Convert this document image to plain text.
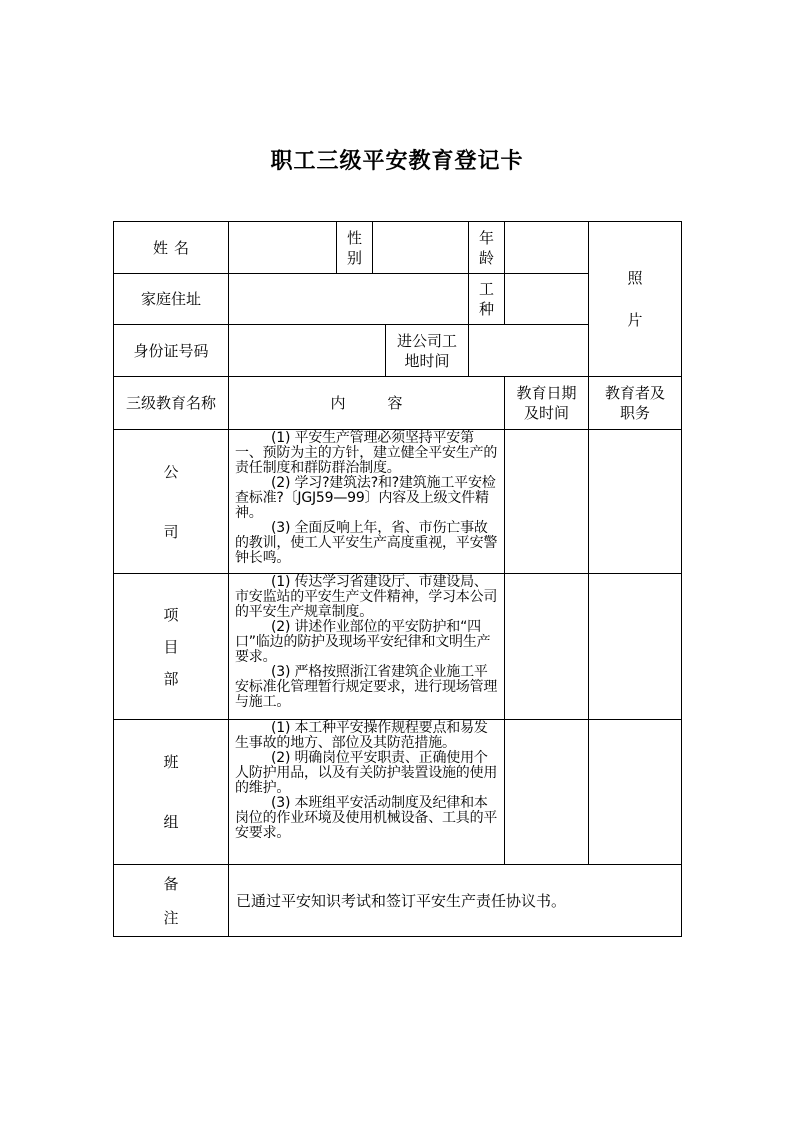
职工三级平安教育登记卡
姓 名
性
别
年
龄
照
片
家庭住址
工
种
身份证号码
进公司工
地时间
三级教育名称	内	容
教育日期
及时间
教育者及
职务
公
司

(1) 平安生产管理必须坚持平安第一、预防为主的方针，建立健全平安生产的责任制度和群防群治制度。

(2) 学习?建筑法?和?建筑施工平安检查标准?〔JGJ59—99〕内容及上级文件精神。

(3) 全面反响上年，省、市伤亡事故的教训，使工人平安生产高度重视，平安警钟长鸣。

项
目
部

(1) 传达学习省建设厅、市建设局、市安监站的平安生产文件精神，学习本公司的平安生产规章制度。

(2) 讲述作业部位的平安防护和“四口”临边的防护及现场平安纪律和文明生产要求。

(3) 严格按照浙江省建筑企业施工平安标准化管理暂行规定要求，进行现场管理与施工。

班
组

(1) 本工种平安操作规程要点和易发生事故的地方、部位及其防范措施。

(2) 明确岗位平安职责、正确使用个人防护用品，以及有关防护装置设施的使用的维护。

(3) 本班组平安活动制度及纪律和本岗位的作业环境及使用机械设备、工具的平安要求。

备
注
已通过平安知识考试和签订平安生产责任协议书。
